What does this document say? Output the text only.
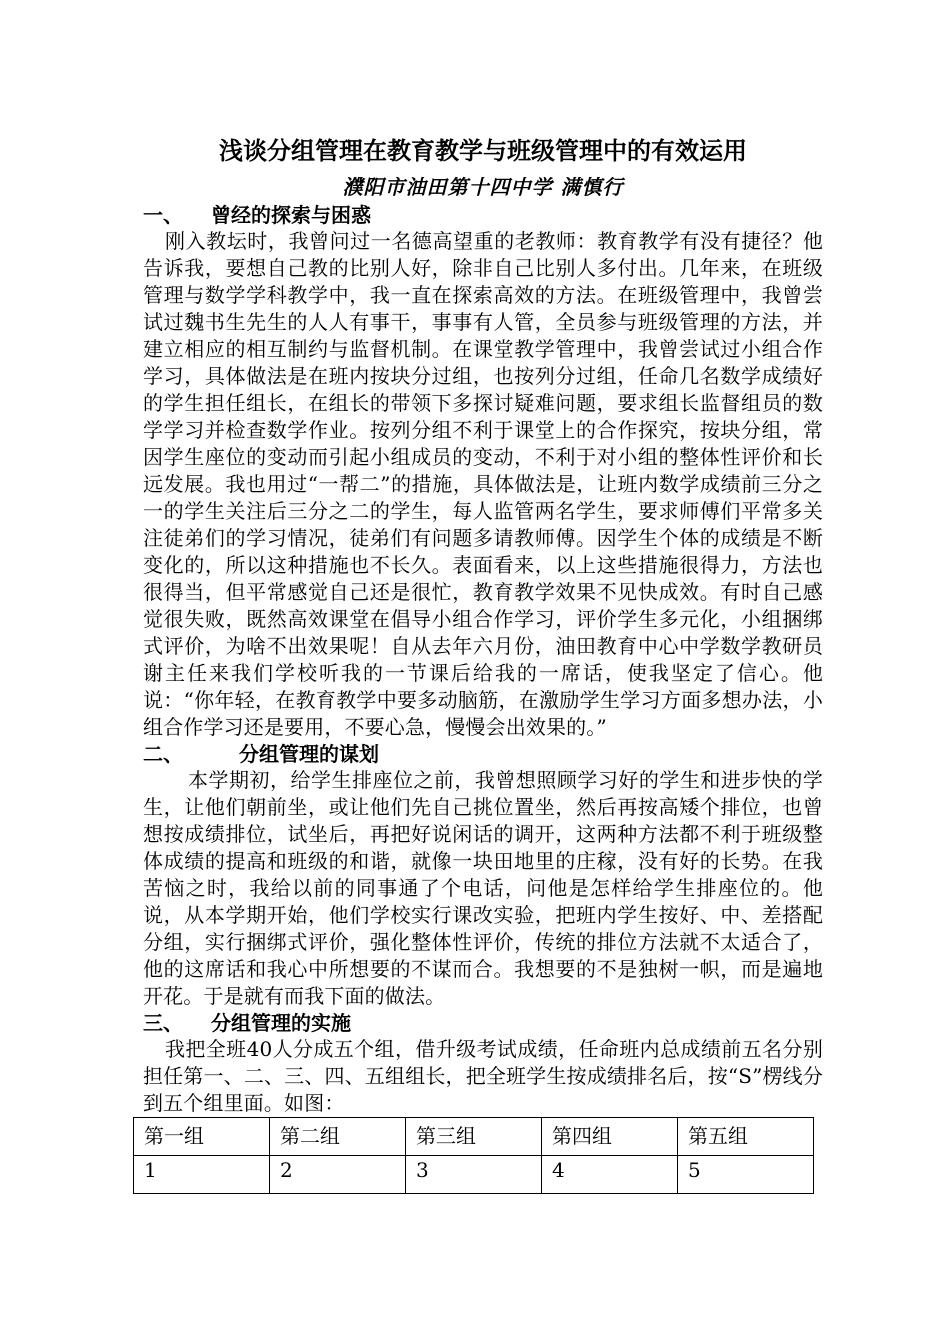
浅谈分组管理在教育教学与班级管理中的有效运用

濮阳市油田第十四中学 满慎行

一、 曾经的探索与困惑

刚入教坛时，我曾问过一名德高望重的老教师：教育教学有没有捷径？他告诉我，要想自己教的比别人好，除非自己比别人多付出。几年来，在班级管理与数学学科教学中，我一直在探索高效的方法。在班级管理中，我曾尝试过魏书生先生的人人有事干，事事有人管，全员参与班级管理的方法，并建立相应的相互制约与监督机制。在课堂教学管理中，我曾尝试过小组合作学习，具体做法是在班内按块分过组，也按列分过组，任命几名数学成绩好的学生担任组长，在组长的带领下多探讨疑难问题，要求组长监督组员的数学学习并检查数学作业。按列分组不利于课堂上的合作探究，按块分组，常因学生座位的变动而引起小组成员的变动，不利于对小组的整体性评价和长远发展。我也用过“一帮二”的措施，具体做法是，让班内数学成绩前三分之一的学生关注后三分之二的学生，每人监管两名学生，要求师傅们平常多关注徒弟们的学习情况，徒弟们有问题多请教师傅。因学生个体的成绩是不断变化的，所以这种措施也不长久。表面看来，以上这些措施很得力，方法也很得当，但平常感觉自己还是很忙，教育教学效果不见快成效。有时自己感觉很失败，既然高效课堂在倡导小组合作学习，评价学生多元化，小组捆绑式评价，为啥不出效果呢！自从去年六月份，油田教育中心中学数学教研员谢主任来我们学校听我的一节课后给我的一席话，使我坚定了信心。他说：“你年轻，在教育教学中要多动脑筋，在激励学生学习方面多想办法，小组合作学习还是要用，不要心急，慢慢会出效果的。”

二、	分组管理的谋划

本学期初，给学生排座位之前，我曾想照顾学习好的学生和进步快的学生，让他们朝前坐，或让他们先自己挑位置坐，然后再按高矮个排位，也曾想按成绩排位，试坐后，再把好说闲话的调开，这两种方法都不利于班级整体成绩的提高和班级的和谐，就像一块田地里的庄稼，没有好的长势。在我苦恼之时，我给以前的同事通了个电话，问他是怎样给学生排座位的。他说，从本学期开始，他们学校实行课改实验，把班内学生按好、中、差搭配分组，实行捆绑式评价，强化整体性评价，传统的排位方法就不太适合了，他的这席话和我心中所想要的不谋而合。我想要的不是独树一帜，而是遍地开花。于是就有而我下面的做法。

三、 分组管理的实施

我把全班40人分成五个组，借升级考试成绩，任命班内总成绩前五名分别担任第一、二、三、四、五组组长，把全班学生按成绩排名后，按“S”楞线分到五个组里面。如图：

第一组	第二组	第三组	第四组	第五组
1	2	3	4	5
